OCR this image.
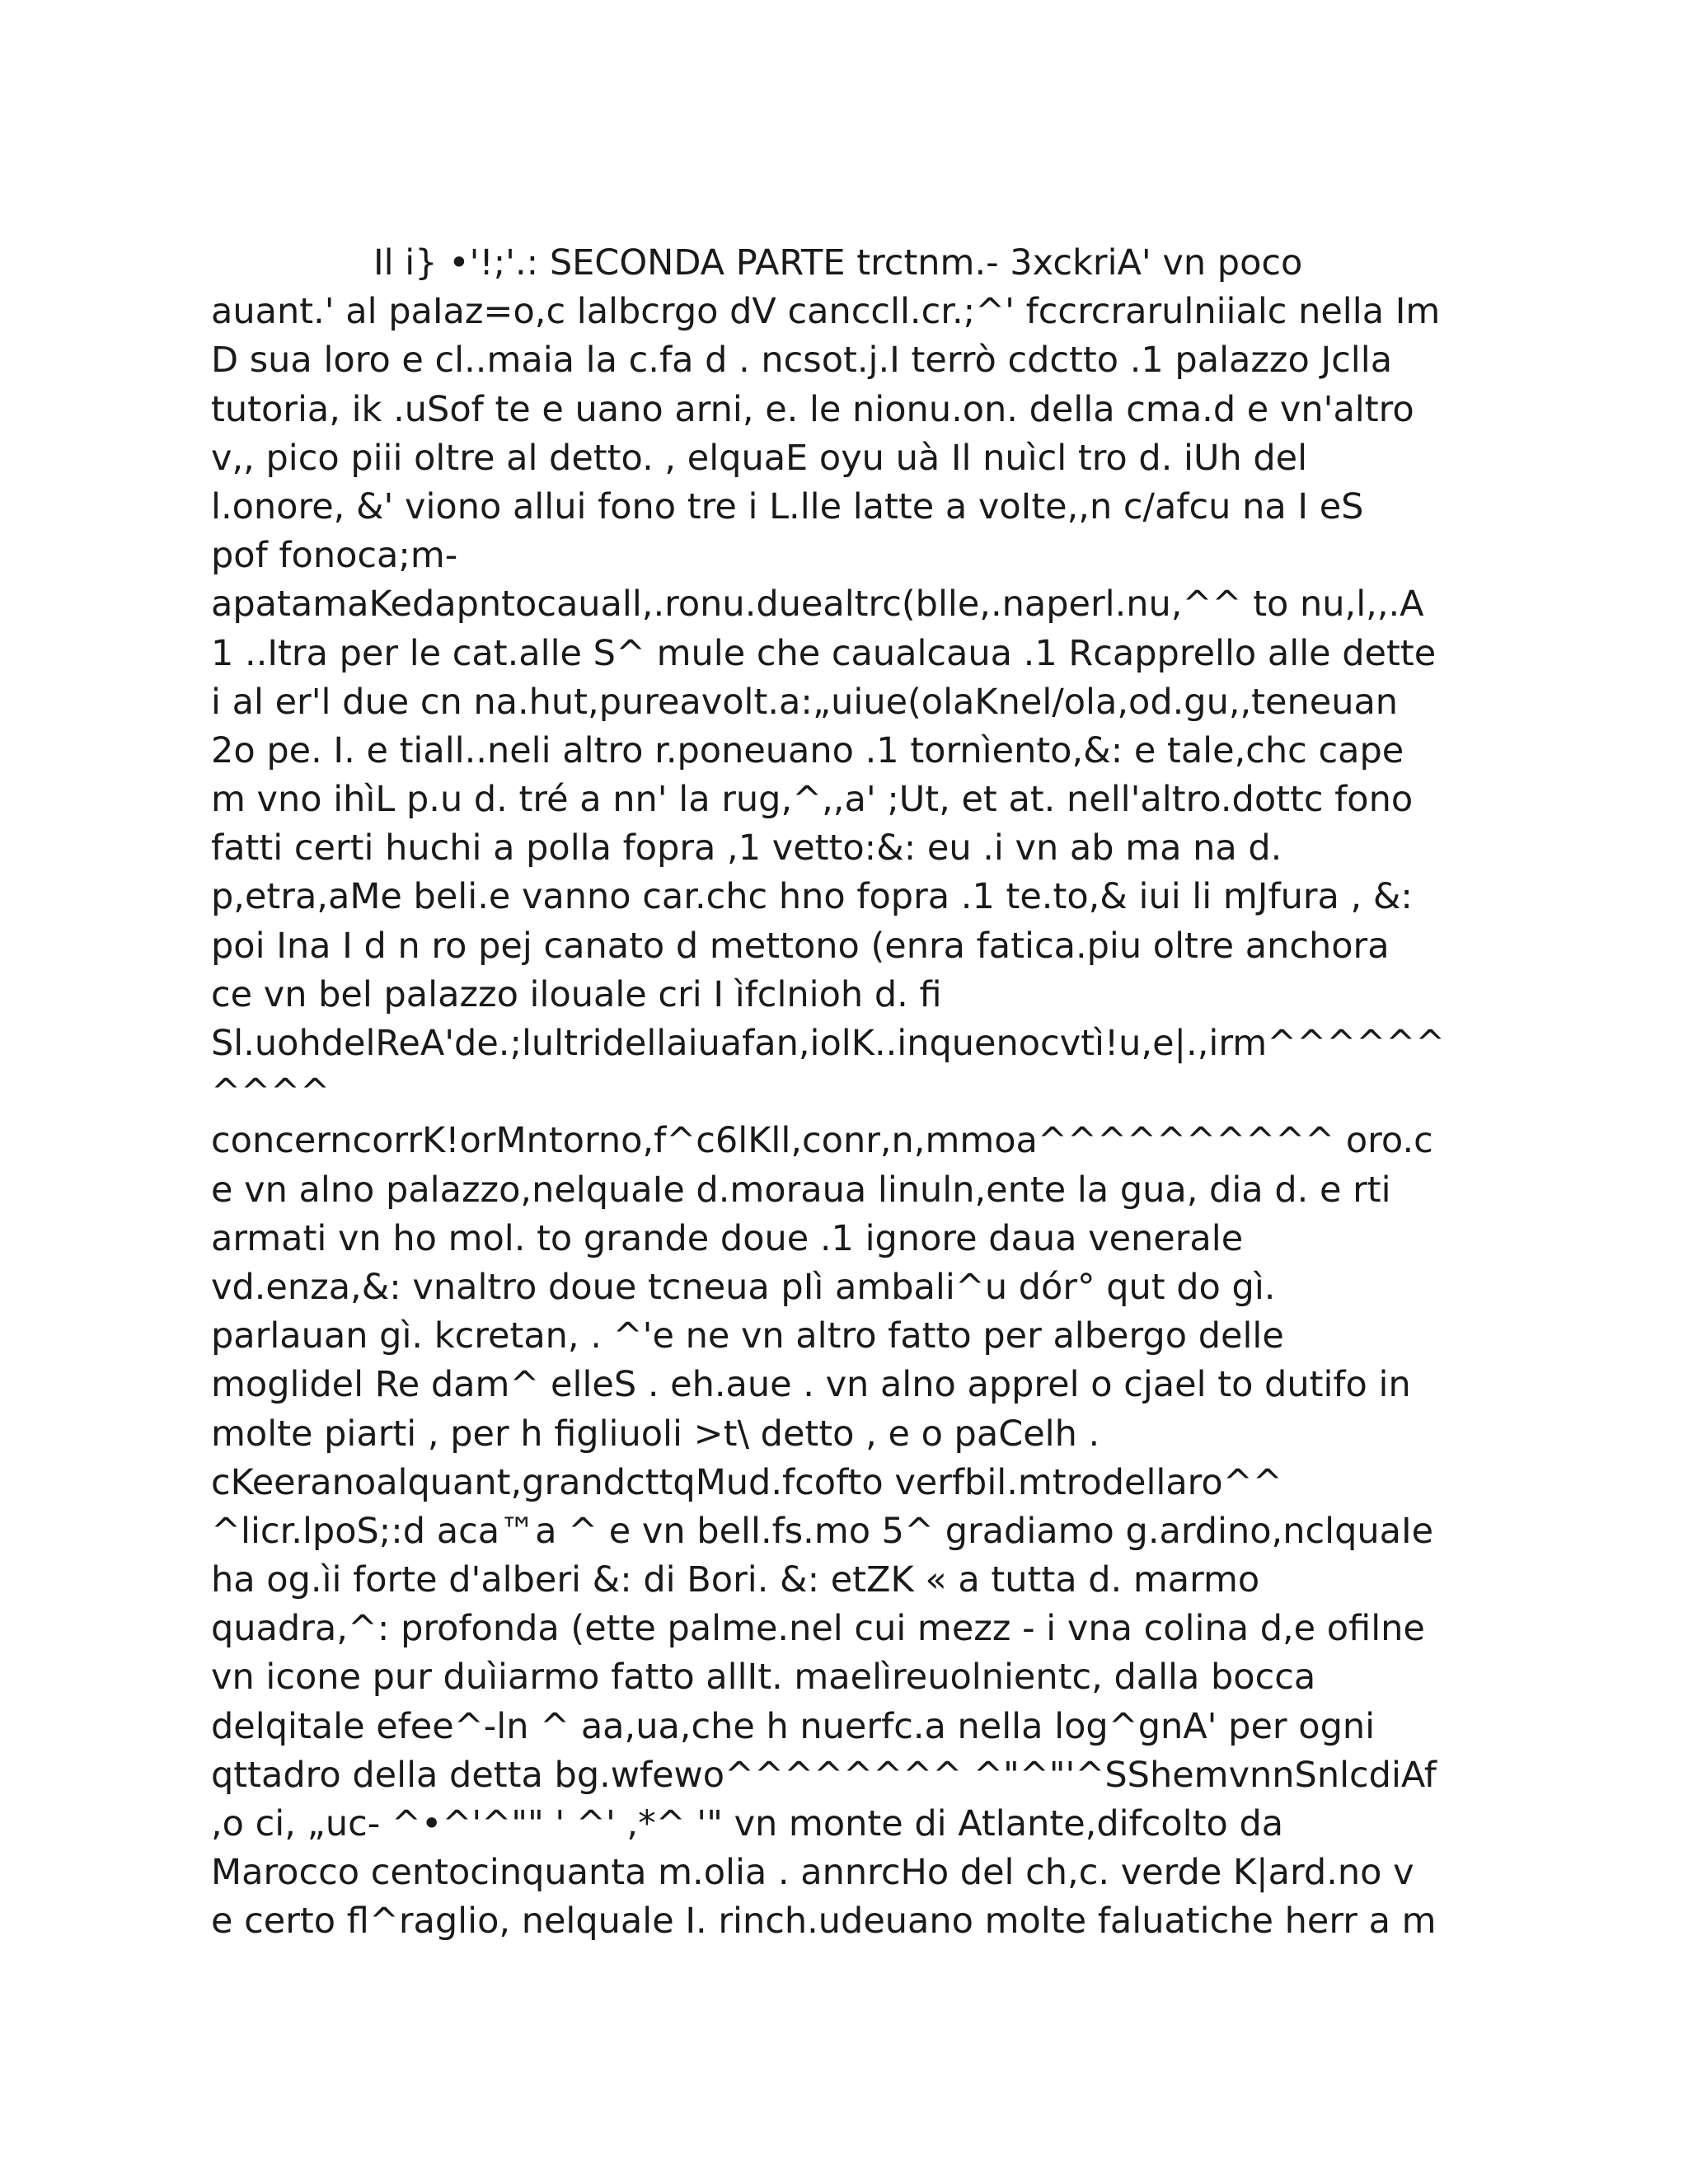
Il i} •'!;'.: SECONDA PARTE trctnm.- 3xckriA' vn poco
auant.' al paIaz=o,c lalbcrgo dV canccll.cr.;^' fccrcrarulniialc nella Im
D sua loro e cl..maia la c.fa d . ncsot.j.I terrò cdctto .1 palazzo Jclla
tutoria, ik .uSof te e uano arni, e. le nionu.on. della cma.d e vn'altro
v,, pico piii oltre al detto. , elquaE oyu uà Il nuìcl tro d. iUh del
l.onore, &' viono allui fono tre i L.lle latte a voIte,,n c/afcu na I eS
pof fonoca;m-
apatamaKedapntocauall,.ronu.duealtrc(blle,.naperl.nu,^^ to nu,l,,.A
1 ..Itra per le cat.alle S^ mule che caualcaua .1 Rcapprello alle dette
i al er'l due cn na.hut,pureavolt.a:„uiue(olaKnel/ola,od.gu,,teneuan
2o pe. I. e tiall..neli altro r.poneuano .1 tornìento,&: e tale,chc cape
m vno ihìL p.u d. tré a nn' la rug,^,,a' ;Ut, et at. nell'altro.dottc fono
fatti certi huchi a polla fopra ,1 vetto:&: eu .i vn ab ma na d.
p,etra,aMe beli.e vanno car.chc hno fopra .1 te.to,& iui li mJfura , &:
poi Ina I d n ro pej canato d mettono (enra fatica.piu oltre anchora
ce vn bel palazzo ilouale cri I ìfclnioh d. fi
Sl.uohdelReA'de.;lultridellaiuafan,iolK..inquenocvtì!u,e|.,irm^^^^^^
^^^^
concerncorrK!orMntorno,f^c6lKll,conr,n,mmoa^^^^^^^^^^ oro.c
e vn alno palazzo,nelquaIe d.moraua linuln,ente la gua, dia d. e rti
armati vn ho mol. to grande doue .1 ignore daua venerale
vd.enza,&: vnaltro doue tcneua pIì ambali^u dór° qut do gì.
parlauan gì. kcretan, . ^'e ne vn altro fatto per albergo delle
moglidel Re dam^ elleS . eh.aue . vn alno apprel o cjael to dutifo in
molte piarti , per h figliuoli >t\ detto , e o paCelh .
cKeeranoalquant,grandcttqMud.fcofto verfbil.mtrodellaro^^
^licr.lpoS;:d aca™a ^ e vn bell.fs.mo 5^ gradiamo g.ardino,nclquaIe
ha og.ìi forte d'alberi &: di Bori. &: etZK « a tutta d. marmo
quadra,^: profonda (ette palme.nel cui mezz - i vna colina d,e ofilne
vn icone pur duìiarmo fatto allIt. maelìreuolnientc, dalla bocca
delqitale efee^-ln ^ aa,ua,che h nuerfc.a nella log^gnA' per ogni
qttadro della detta bg.wfewo^^^^^^^^ ^"^"'^SShemvnnSnlcdiAf
,o ci, „uc- ^•^'^"" ' ^' ,*^ '" vn monte di Atlante,difcolto da
Marocco centocinquanta m.olia . annrcHo del ch,c. verde K|ard.no v
e certo fl^raglio, nelquale I. rinch.udeuano molte faluatiche herr a m
